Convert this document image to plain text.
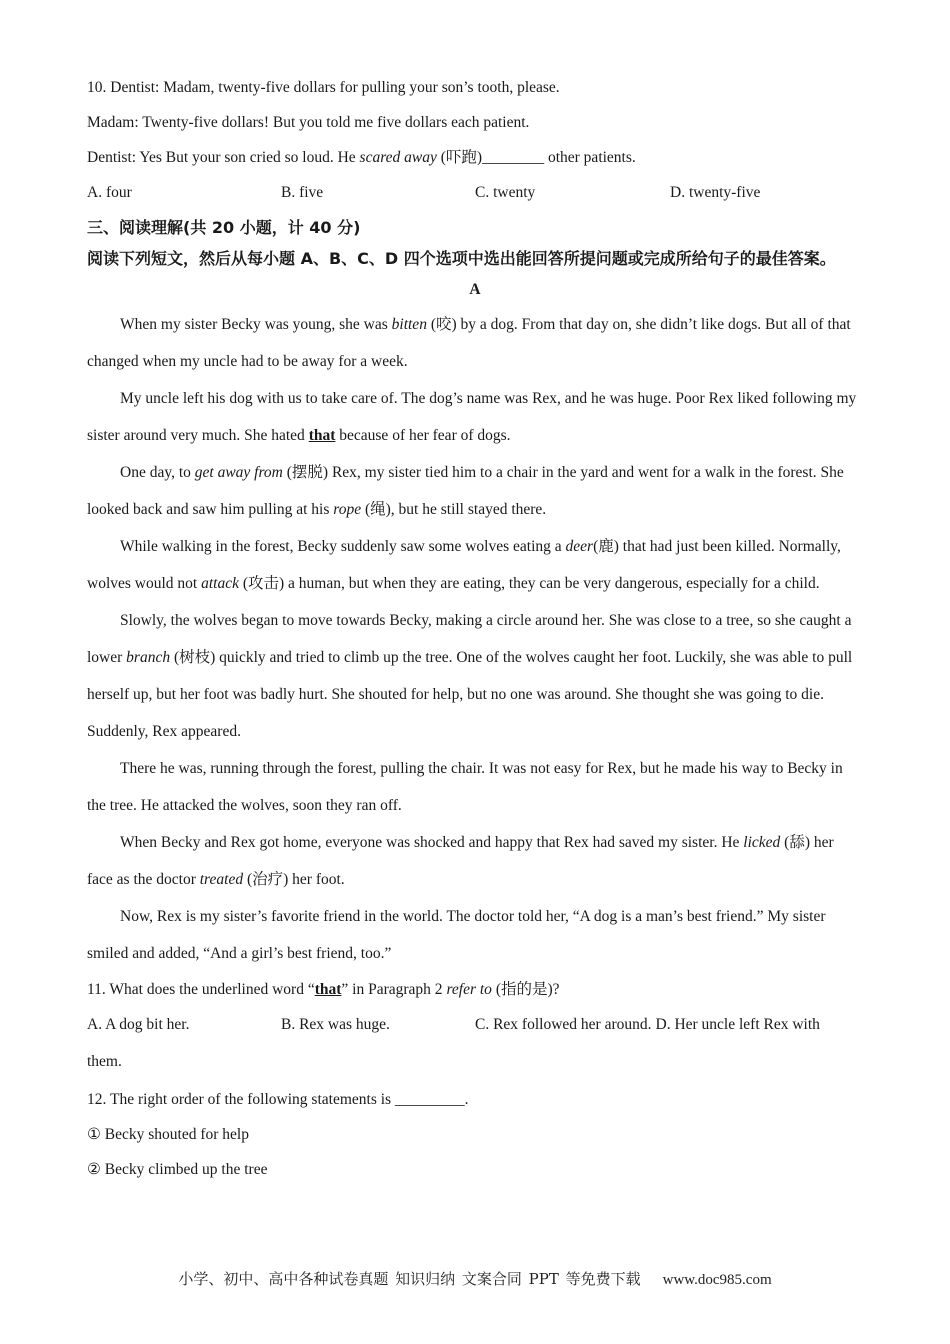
10. Dentist: Madam, twenty-five dollars for pulling your son’s tooth, please.
Madam: Twenty-five dollars! But you told me five dollars each patient.
Dentist: Yes But your son cried so loud. He scared away (吓跑)________ other patients.
A. four	B. five	C. twenty	D. twenty-five
三、阅读理解(共 20 小题，计 40 分)
阅读下列短文，然后从每小题 A、B、C、D 四个选项中选出能回答所提问题或完成所给句子的最佳答案。
A
When my sister Becky was young, she was bitten (咬) by a dog. From that day on, she didn’t like dogs. But all of that changed when my uncle had to be away for a week.
My uncle left his dog with us to take care of. The dog’s name was Rex, and he was huge. Poor Rex liked following my sister around very much. She hated that because of her fear of dogs.
One day, to get away from (摆脱) Rex, my sister tied him to a chair in the yard and went for a walk in the forest. She looked back and saw him pulling at his rope (绳), but he still stayed there.
While walking in the forest, Becky suddenly saw some wolves eating a deer(鹿) that had just been killed. Normally, wolves would not attack (攻击) a human, but when they are eating, they can be very dangerous, especially for a child.
Slowly, the wolves began to move towards Becky, making a circle around her. She was close to a tree, so she caught a lower branch (树枝) quickly and tried to climb up the tree. One of the wolves caught her foot. Luckily, she was able to pull herself up, but her foot was badly hurt. She shouted for help, but no one was around. She thought she was going to die. Suddenly, Rex appeared.
There he was, running through the forest, pulling the chair. It was not easy for Rex, but he made his way to Becky in the tree. He attacked the wolves, soon they ran off.
When Becky and Rex got home, everyone was shocked and happy that Rex had saved my sister. He licked (舔) her face as the doctor treated (治疗) her foot.
Now, Rex is my sister’s favorite friend in the world. The doctor told her, “A dog is a man’s best friend.” My sister smiled and added, “And a girl’s best friend, too.”
11. What does the underlined word “that” in Paragraph 2 refer to (指的是)?
A. A dog bit her.	B. Rex was huge.	C. Rex followed her around. D. Her uncle left Rex with
them.
12. The right order of the following statements is _________.
① Becky shouted for help
② Becky climbed up the tree
小学、初中、高中各种试卷真题 知识归纳 文案合同 PPT 等免费下载 www.doc985.com
